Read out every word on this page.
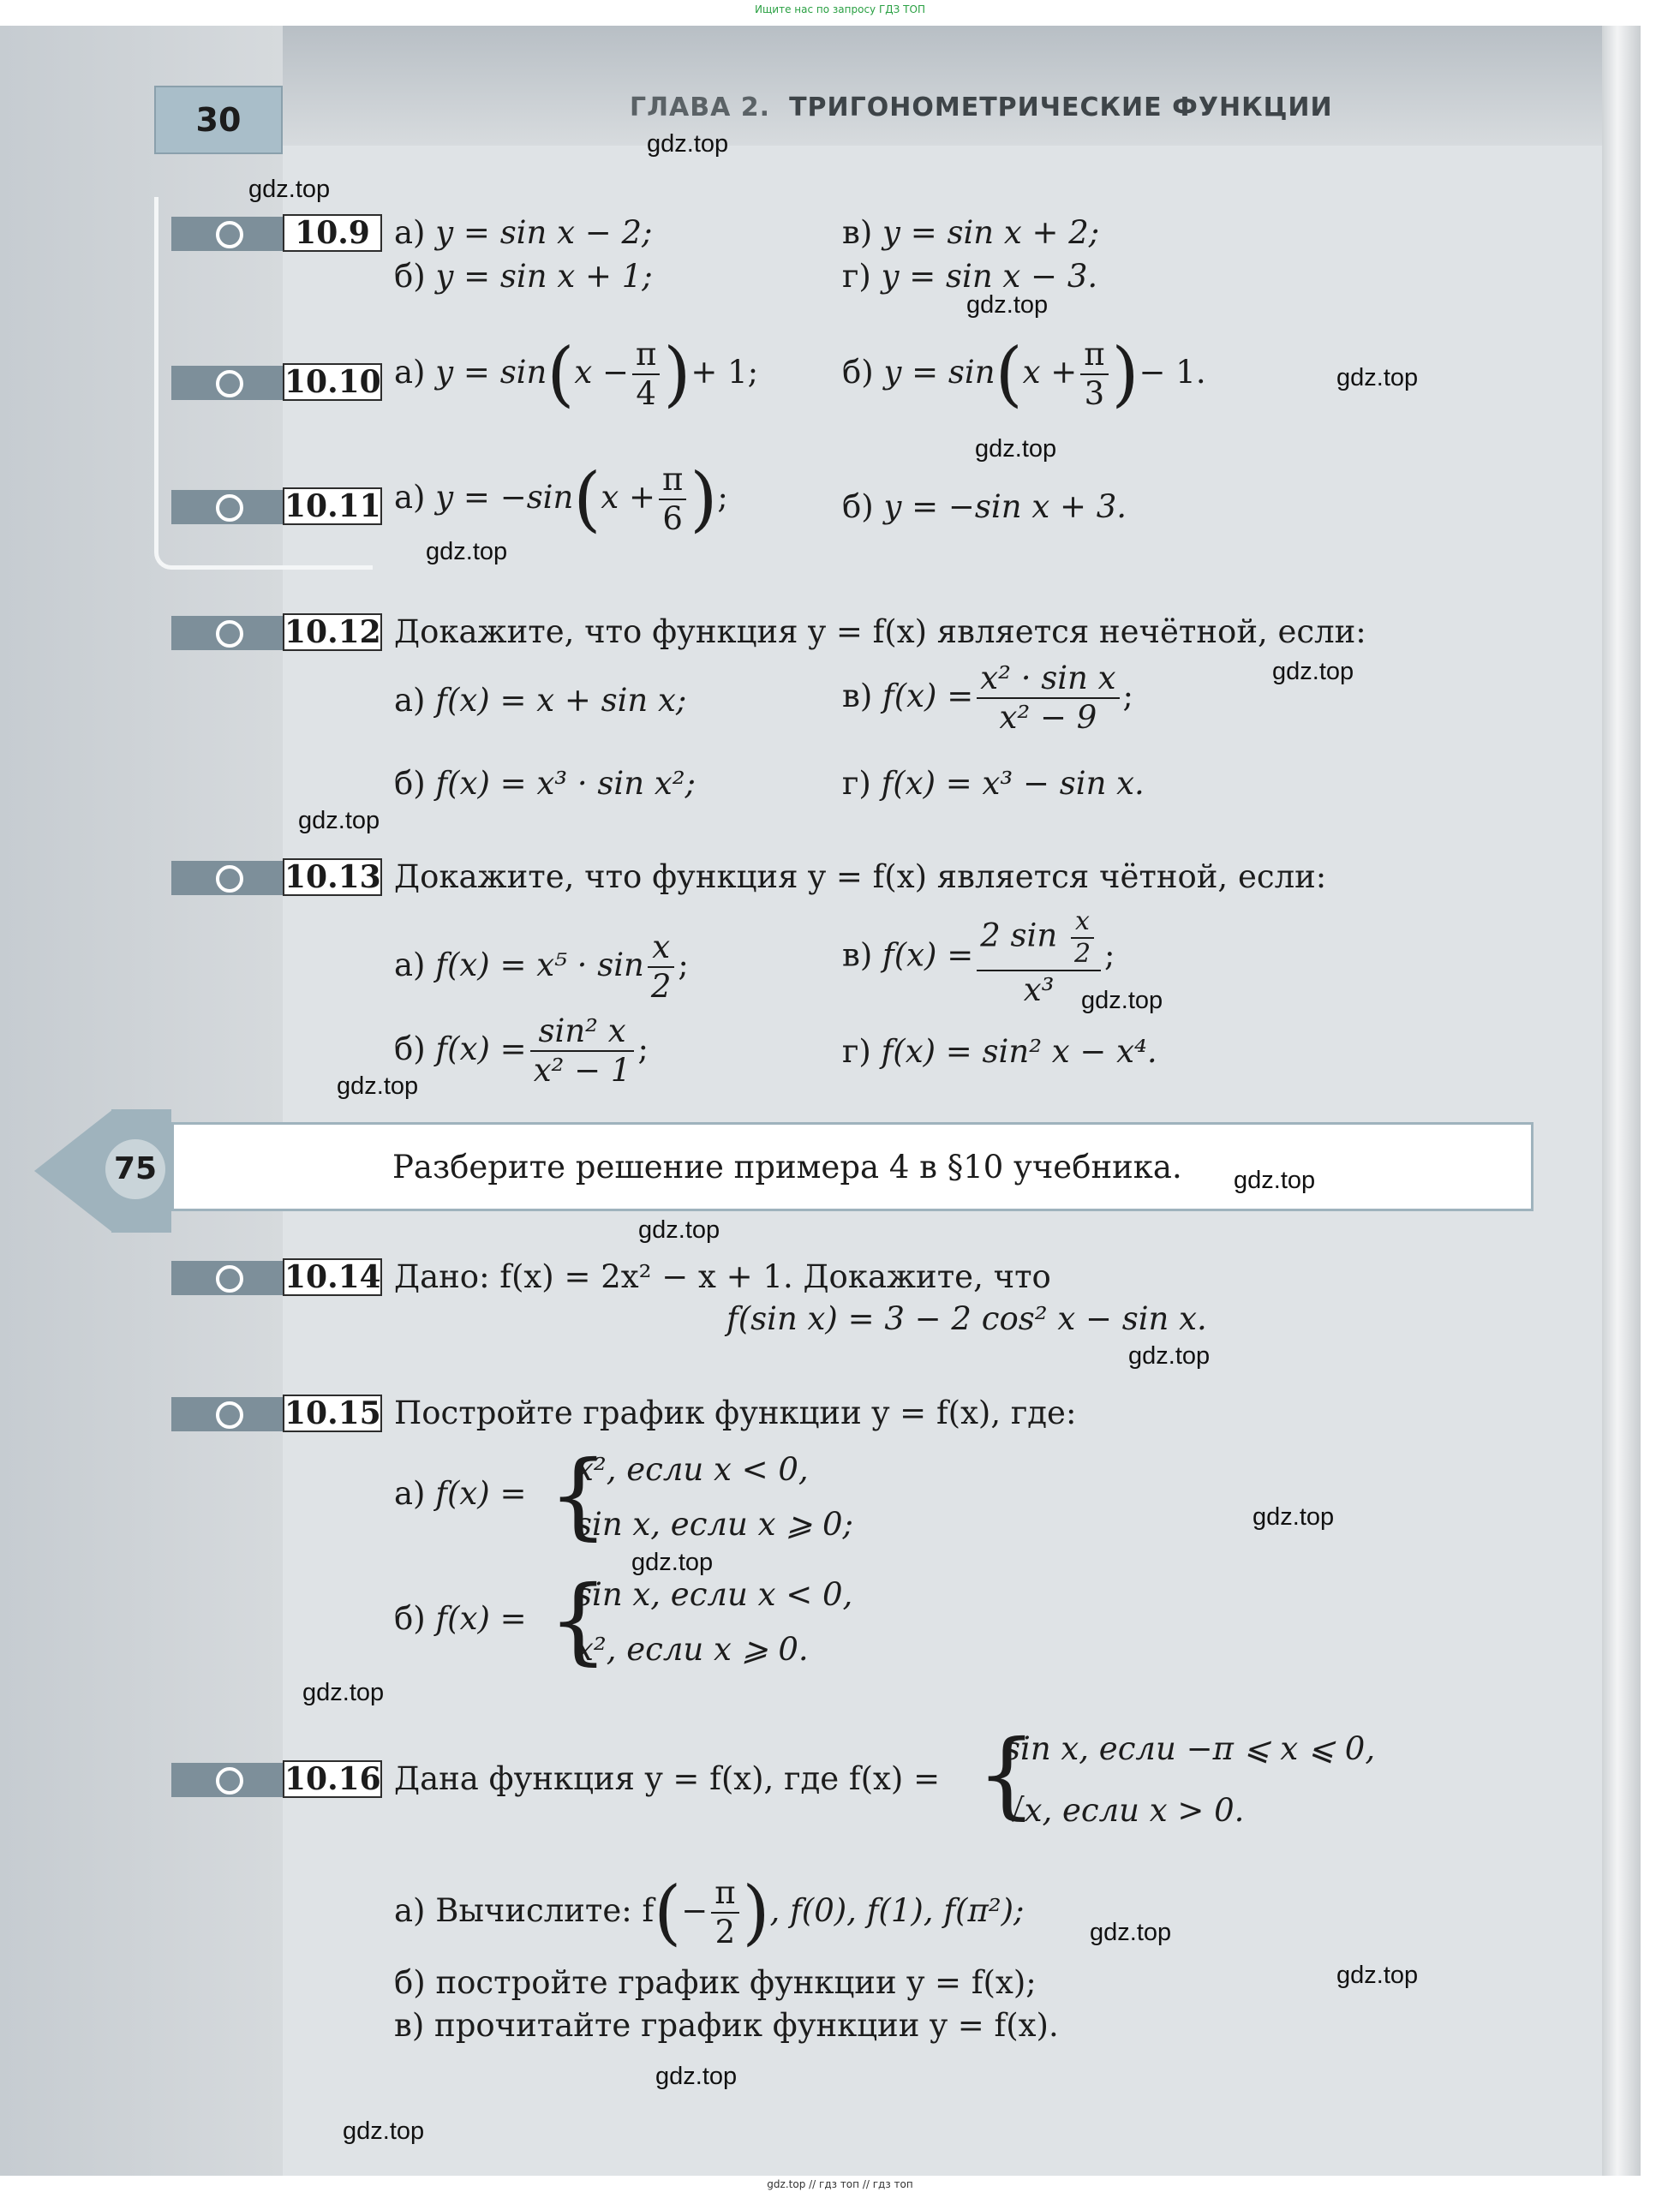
Ищите нас по запросу ГДЗ ТОП
30	ГЛАВА 2. ТРИГОНОМЕТРИЧЕСКИЕ ФУНКЦИИ
10.9 а) y = sin x − 2;	в) y = sin x + 2;
б) y = sin x + 1;	г) y = sin x − 3.
10.10 а) $y = \sin(x - \frac{\pi}{4}$ )+ 1;	б) $y = \sin(x + \frac{\pi}{3}$ )− 1.
10.11 а) $y = -\sin(x + \frac{\pi}{6}$ );	б) y = −sin x + 3.
10.12 Докажите, что функция y = f(x) является нечётной, если:
а) f(x) = x + sin x;	в) $f(x) = \frac{\text{x² · sin x}}{\text{x² − 9}}$ ;
б) f(x) = x³ · sin x²;	г) f(x) = x³ − sin x.
10.13 Докажите, что функция y = f(x) является чётной, если:
а) $f(x) = x^5 \cdot \sin \frac{x}{2}$ ;	в) $f(x) = \frac{2 \sin \frac{x}{2}}{\text{x³}}$ ;
б) $f(x) = \frac{\text{sin² x}}{\text{x² − 1}}$ ;	г) f(x) = sin² x − x⁴.
Разберите решение примера 4 в §10 учебника.
75
10.14 Дано: f(x) = 2x² − x + 1. Докажите, что
f(sin x) = 3 − 2 cos² x − sin x.
10.15 Постройте график функции y = f(x), где:
а) f(x) = {
x², если x < 0,
sin x, если x ⩾ 0;
б) f(x) = {
sin x, если x < 0,
x², если x ⩾ 0.
10.16 Дана функция y = f(x), где f(x) = {
sin x, если −π ⩽ x ⩽ 0,
√x, если x > 0.
а) Вычислите: $f(- \frac{\pi}{2}$ ), f(0), f(1), f(π²);
б) постройте график функции y = f(x);
в) прочитайте график функции y = f(x).
gdz.top
gdz.top
gdz.top
gdz.top
gdz.top
gdz.top
gdz.top
gdz.top
gdz.top
gdz.top
gdz.top
gdz.top
gdz.top
gdz.top
gdz.top
gdz.top
gdz.top
gdz.top
gdz.top
gdz.top
gdz.top // гдз топ // гдз топ
